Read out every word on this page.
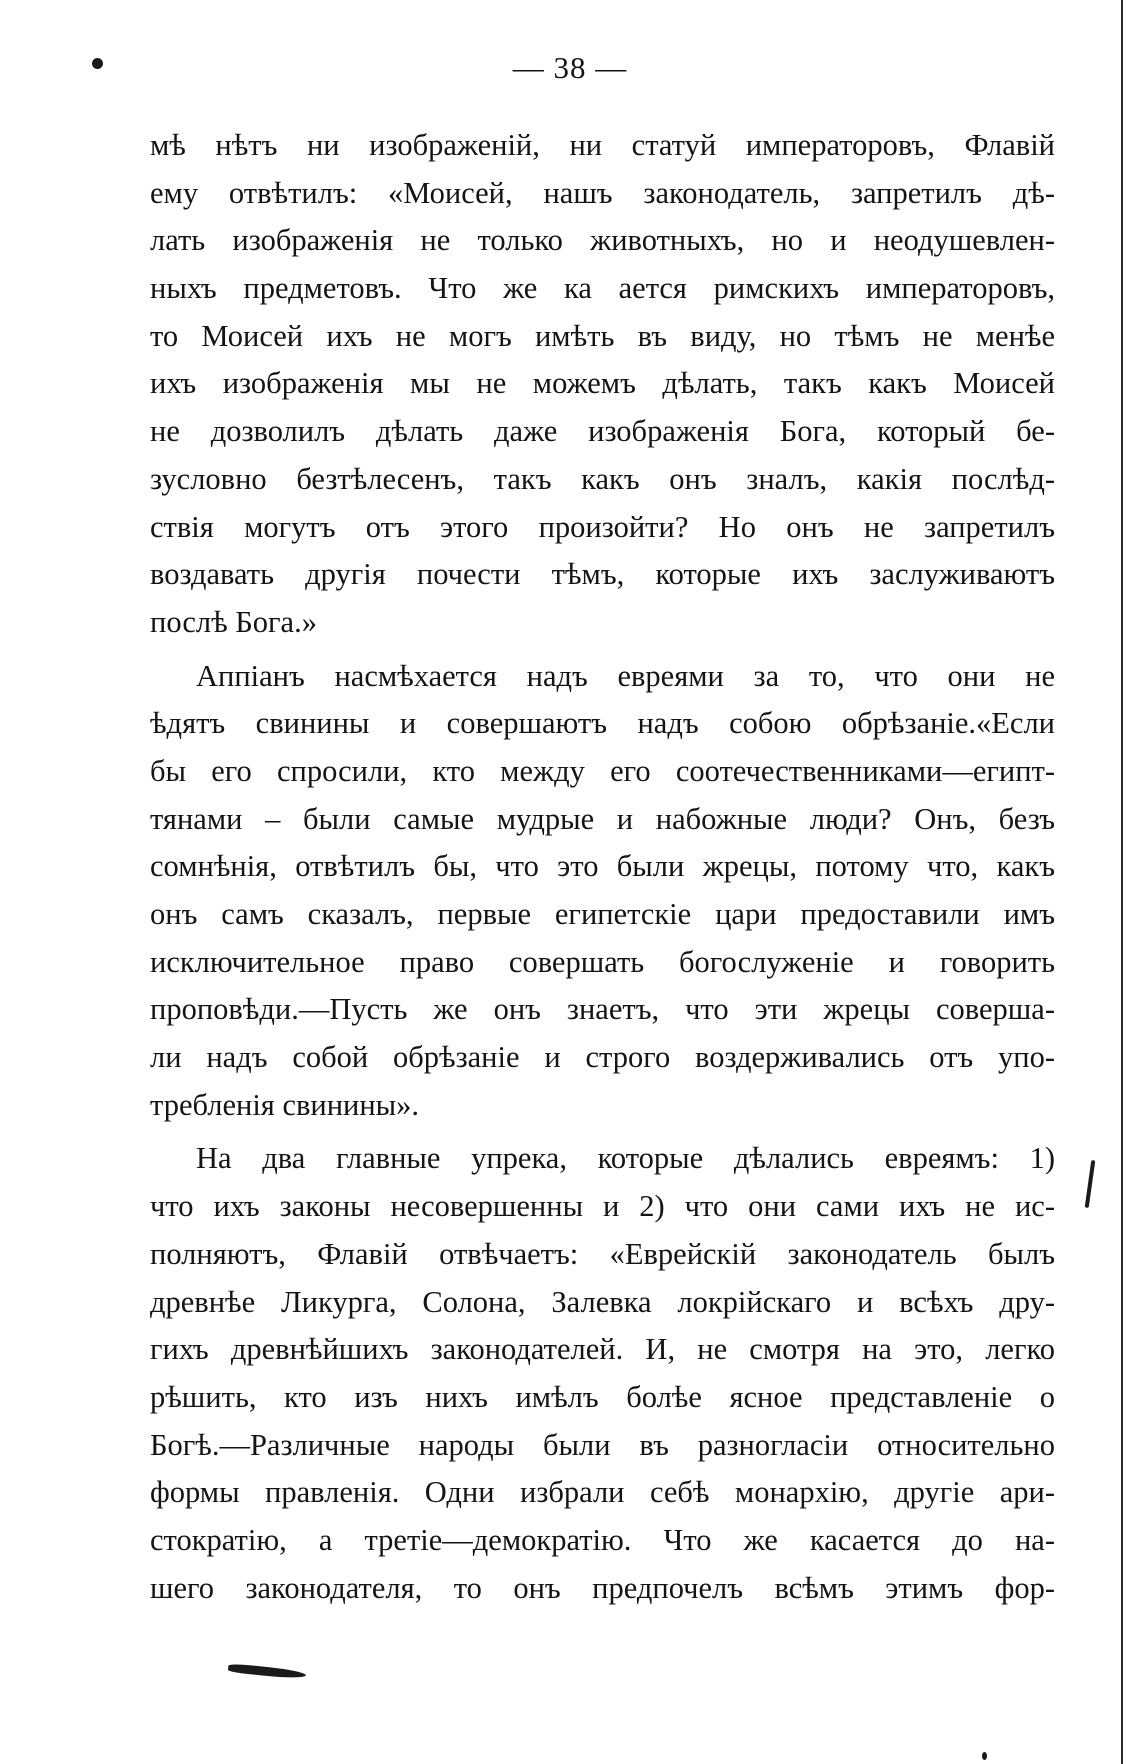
— 38 —
мѣ нѣтъ ни изображеній, ни статуй императоровъ, Флавій
ему отвѣтилъ: «Моисей, нашъ законодатель, запретилъ дѣ-
лать изображенія не только животныхъ, но и неодушевлен-
ныхъ предметовъ. Что же ка ается римскихъ императоровъ,
то Моисей ихъ не могъ имѣть въ виду, но тѣмъ не менѣе
ихъ изображенія мы не можемъ дѣлать, такъ какъ Моисей
не дозволилъ дѣлать даже изображенія Бога, который бе-
зусловно безтѣлесенъ, такъ какъ онъ зналъ, какія послѣд-
ствія могутъ отъ этого произойти? Но онъ не запретилъ
воздавать другія почести тѣмъ, которые ихъ заслуживаютъ
послѣ Бога.»
Аппіанъ насмѣхается надъ евреями за то, что они не
ѣдятъ свинины и совершаютъ надъ собою обрѣзаніе.«Если
бы его спросили, кто между его соотечественниками—египт-
тянами – были самые мудрые и набожные люди? Онъ, безъ
сомнѣнія, отвѣтилъ бы, что это были жрецы, потому что, какъ
онъ самъ сказалъ, первые египетскіе цари предоставили имъ
исключительное право совершать богослуженіе и говорить
проповѣди.—Пусть же онъ знаетъ, что эти жрецы соверша-
ли надъ собой обрѣзаніе и строго воздерживались отъ упо-
требленія свинины».
На два главные упрека, которые дѣлались евреямъ: 1)
что ихъ законы несовершенны и 2) что они сами ихъ не ис-
полняютъ, Флавій отвѣчаетъ: «Еврейскій законодатель былъ
древнѣе Ликурга, Солона, Залевка локрійскаго и всѣхъ дру-
гихъ древнѣйшихъ законодателей. И, не смотря на это, легко
рѣшить, кто изъ нихъ имѣлъ болѣе ясное представленіе о
Богѣ.—Различные народы были въ разногласіи относительно
формы правленія. Одни избрали себѣ монархію, другіе ари-
стократію, а третіе—демократію. Что же касается до на-
шего законодателя, то онъ предпочелъ всѣмъ этимъ фор-
